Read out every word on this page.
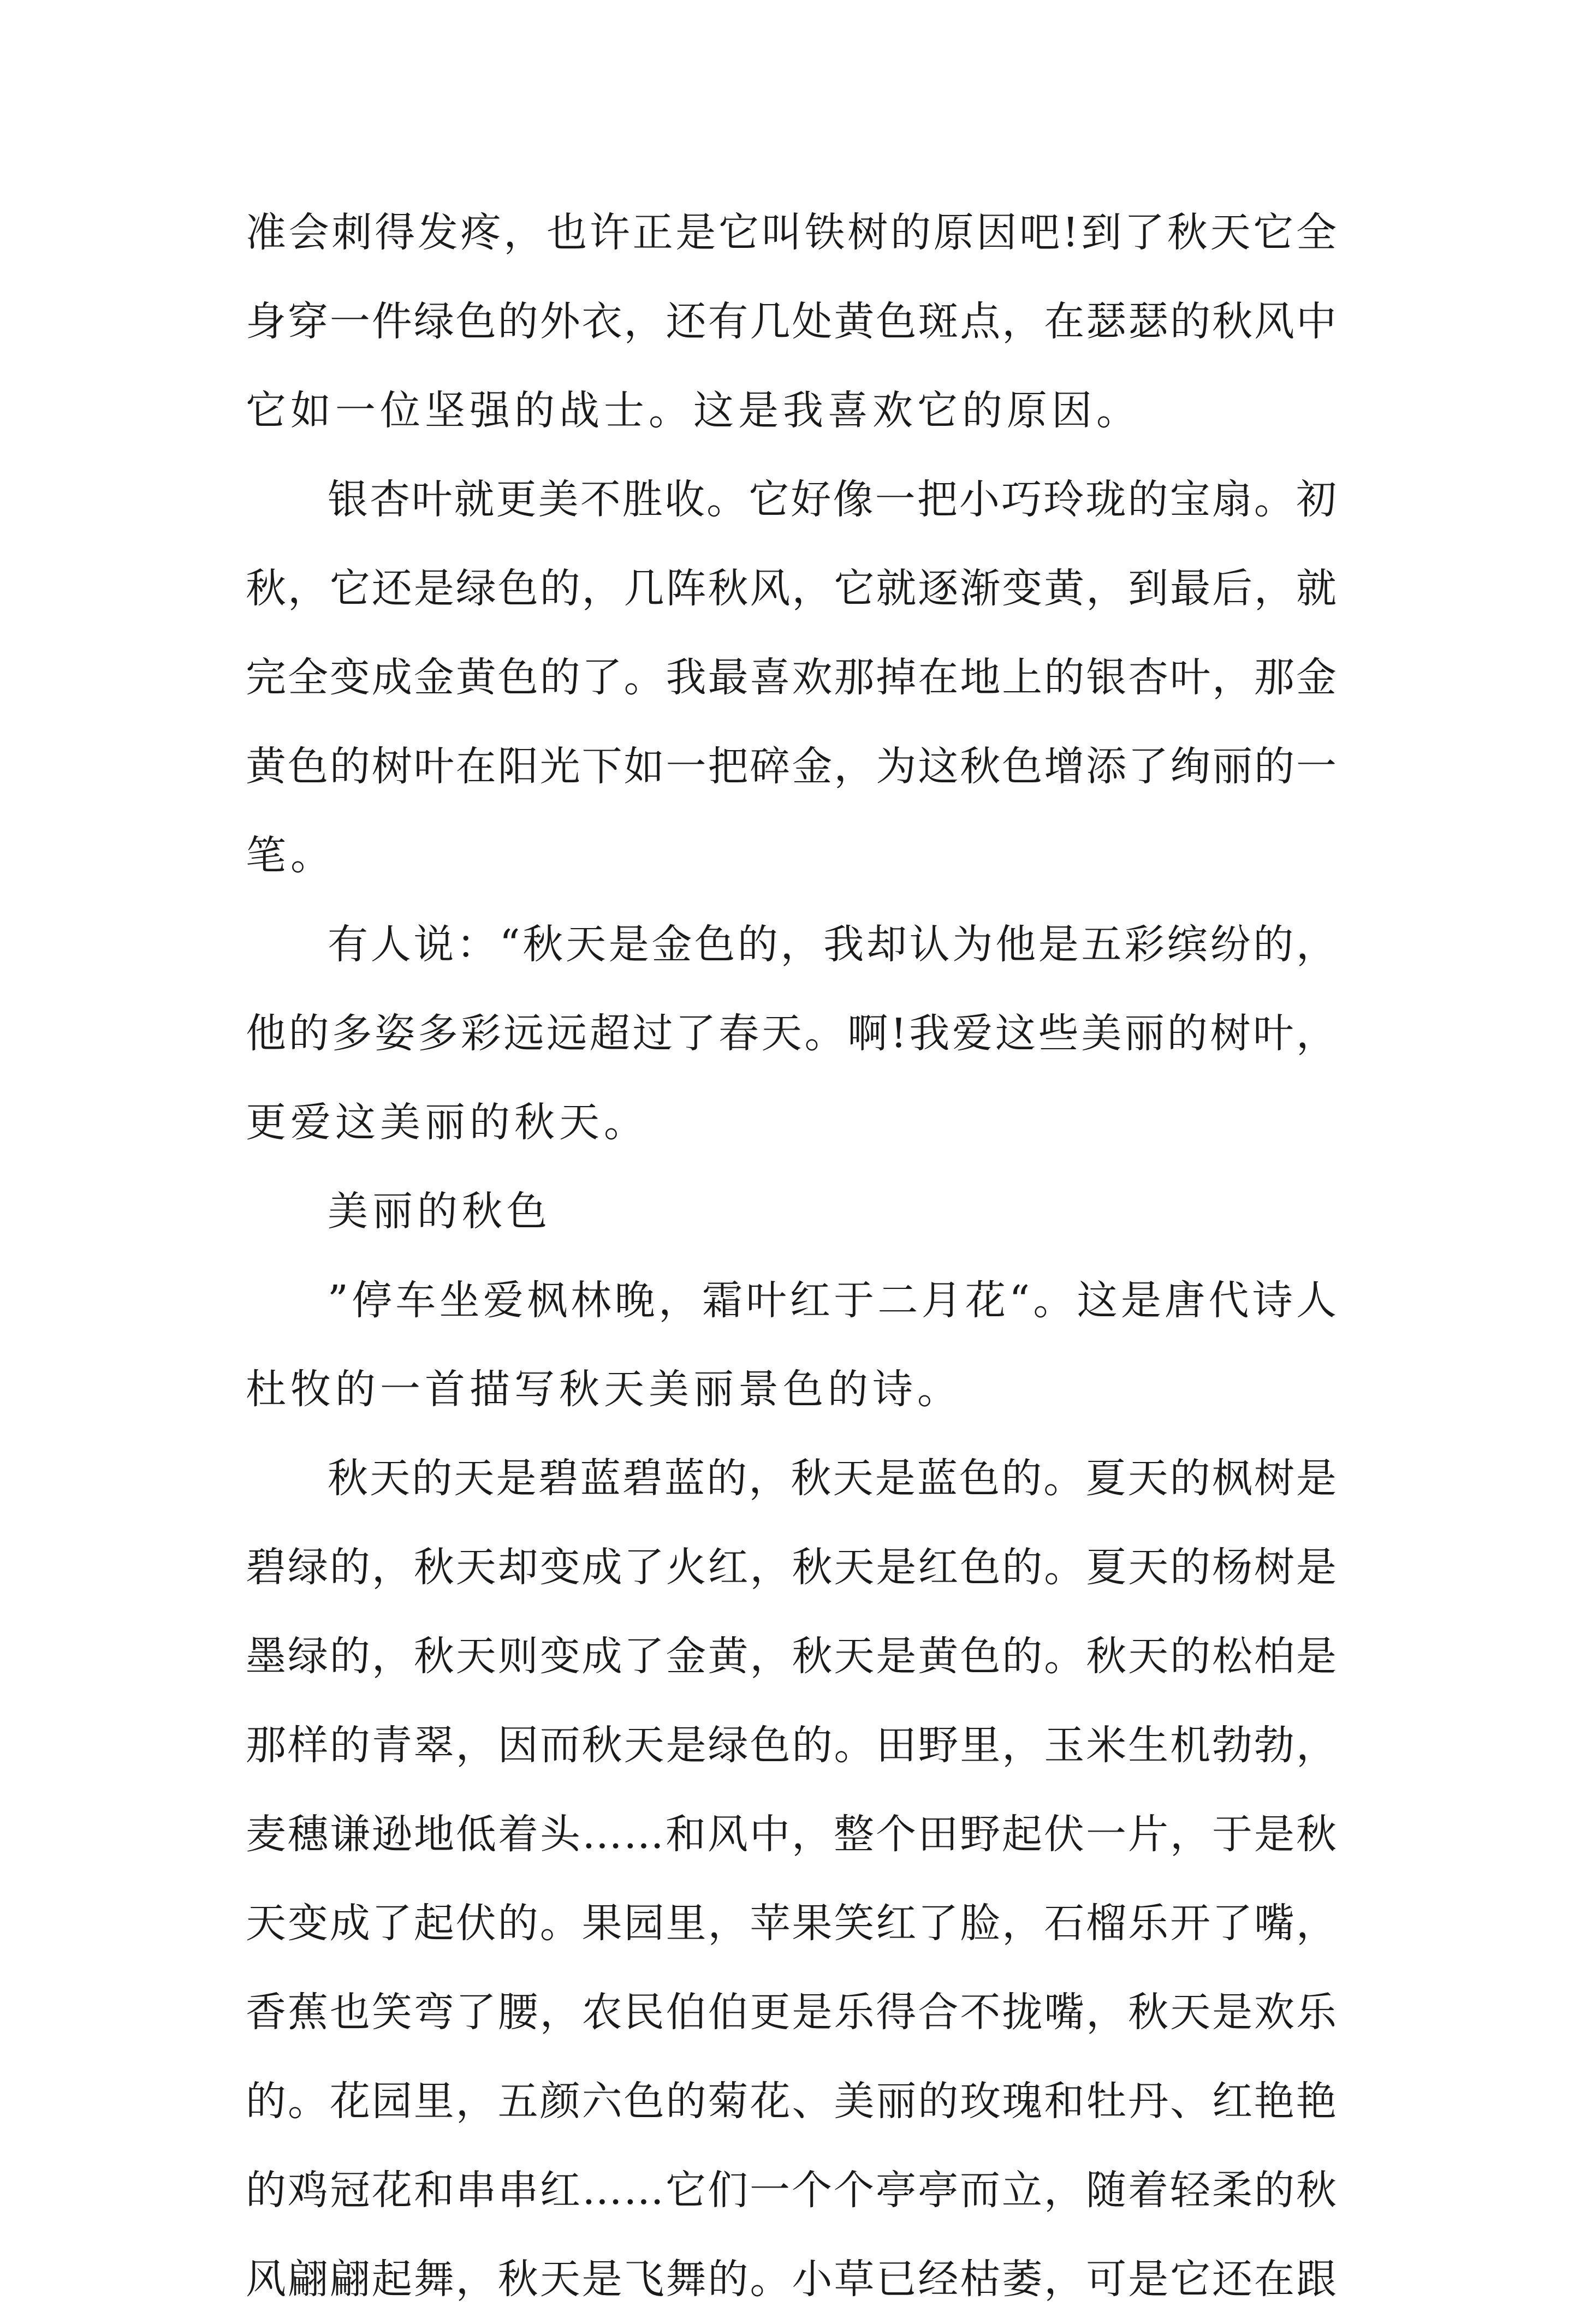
准会刺得发疼，也许正是它叫铁树的原因吧!到了秋天它全
身穿一件绿色的外衣，还有几处黄色斑点，在瑟瑟的秋风中
它如一位坚强的战士。这是我喜欢它的原因。
银杏叶就更美不胜收。它好像一把小巧玲珑的宝扇。初
秋，它还是绿色的，几阵秋风，它就逐渐变黄，到最后，就
完全变成金黄色的了。我最喜欢那掉在地上的银杏叶，那金
黄色的树叶在阳光下如一把碎金，为这秋色增添了绚丽的一
笔。
有人说：“秋天是金色的，我却认为他是五彩缤纷的，
他的多姿多彩远远超过了春天。啊!我爱这些美丽的树叶，
更爱这美丽的秋天。
美丽的秋色
”停车坐爱枫林晚，霜叶红于二月花“。这是唐代诗人
杜牧的一首描写秋天美丽景色的诗。
秋天的天是碧蓝碧蓝的，秋天是蓝色的。夏天的枫树是
碧绿的，秋天却变成了火红，秋天是红色的。夏天的杨树是
墨绿的，秋天则变成了金黄，秋天是黄色的。秋天的松柏是
那样的青翠，因而秋天是绿色的。田野里，玉米生机勃勃，
麦穗谦逊地低着头……和风中，整个田野起伏一片，于是秋
天变成了起伏的。果园里，苹果笑红了脸，石榴乐开了嘴，
香蕉也笑弯了腰，农民伯伯更是乐得合不拢嘴，秋天是欢乐
的。花园里，五颜六色的菊花、美丽的玫瑰和牡丹、红艳艳
的鸡冠花和串串红……它们一个个亭亭而立，随着轻柔的秋
风翩翩起舞，秋天是飞舞的。小草已经枯萎，可是它还在跟
